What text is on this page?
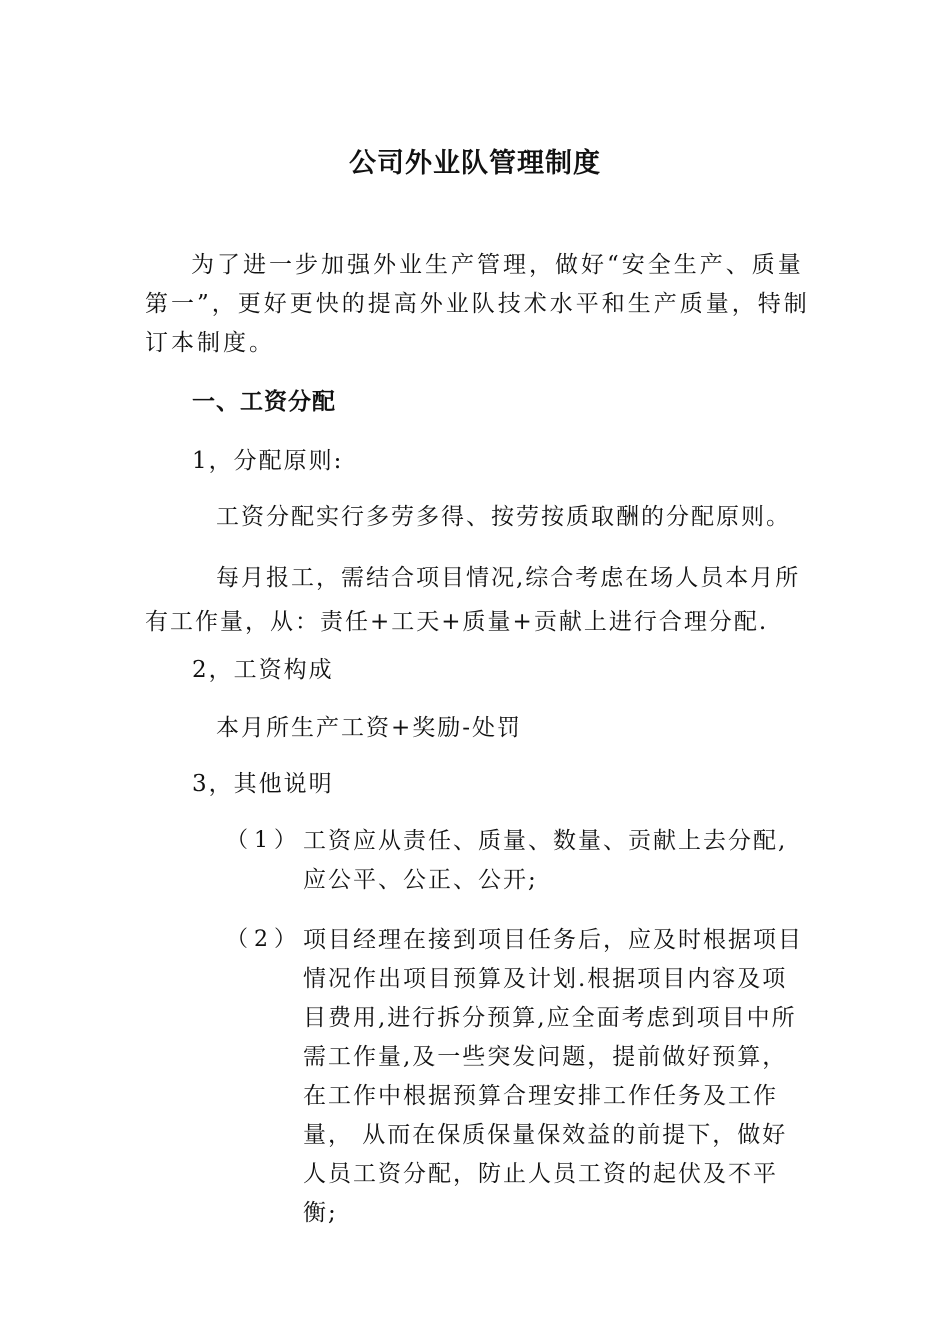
公司外业队管理制度

为了进一步加强外业生产管理，做好“安全生产、质量第一”，更好更快的提高外业队技术水平和生产质量，特制订本制度。

一、工资分配
1，分配原则:
工资分配实行多劳多得、按劳按质取酬的分配原则。

每月报工，需结合项目情况,综合考虑在场人员本月所有工作量，从：责任+工天+质量+贡献上进行合理分配.

2，工资构成
本月所生产工资+奖励-处罚
3，其他说明
（1） 工资应从责任、质量、数量、贡献上去分配,应公平、公正、公开;

（2） 项目经理在接到项目任务后，应及时根据项目情况作出项目预算及计划.根据项目内容及项目费用,进行拆分预算,应全面考虑到项目中所需工作量,及一些突发问题，提前做好预算，在工作中根据预算合理安排工作任务及工作量， 从而在保质保量保效益的前提下，做好人员工资分配，防止人员工资的起伏及不平衡;
